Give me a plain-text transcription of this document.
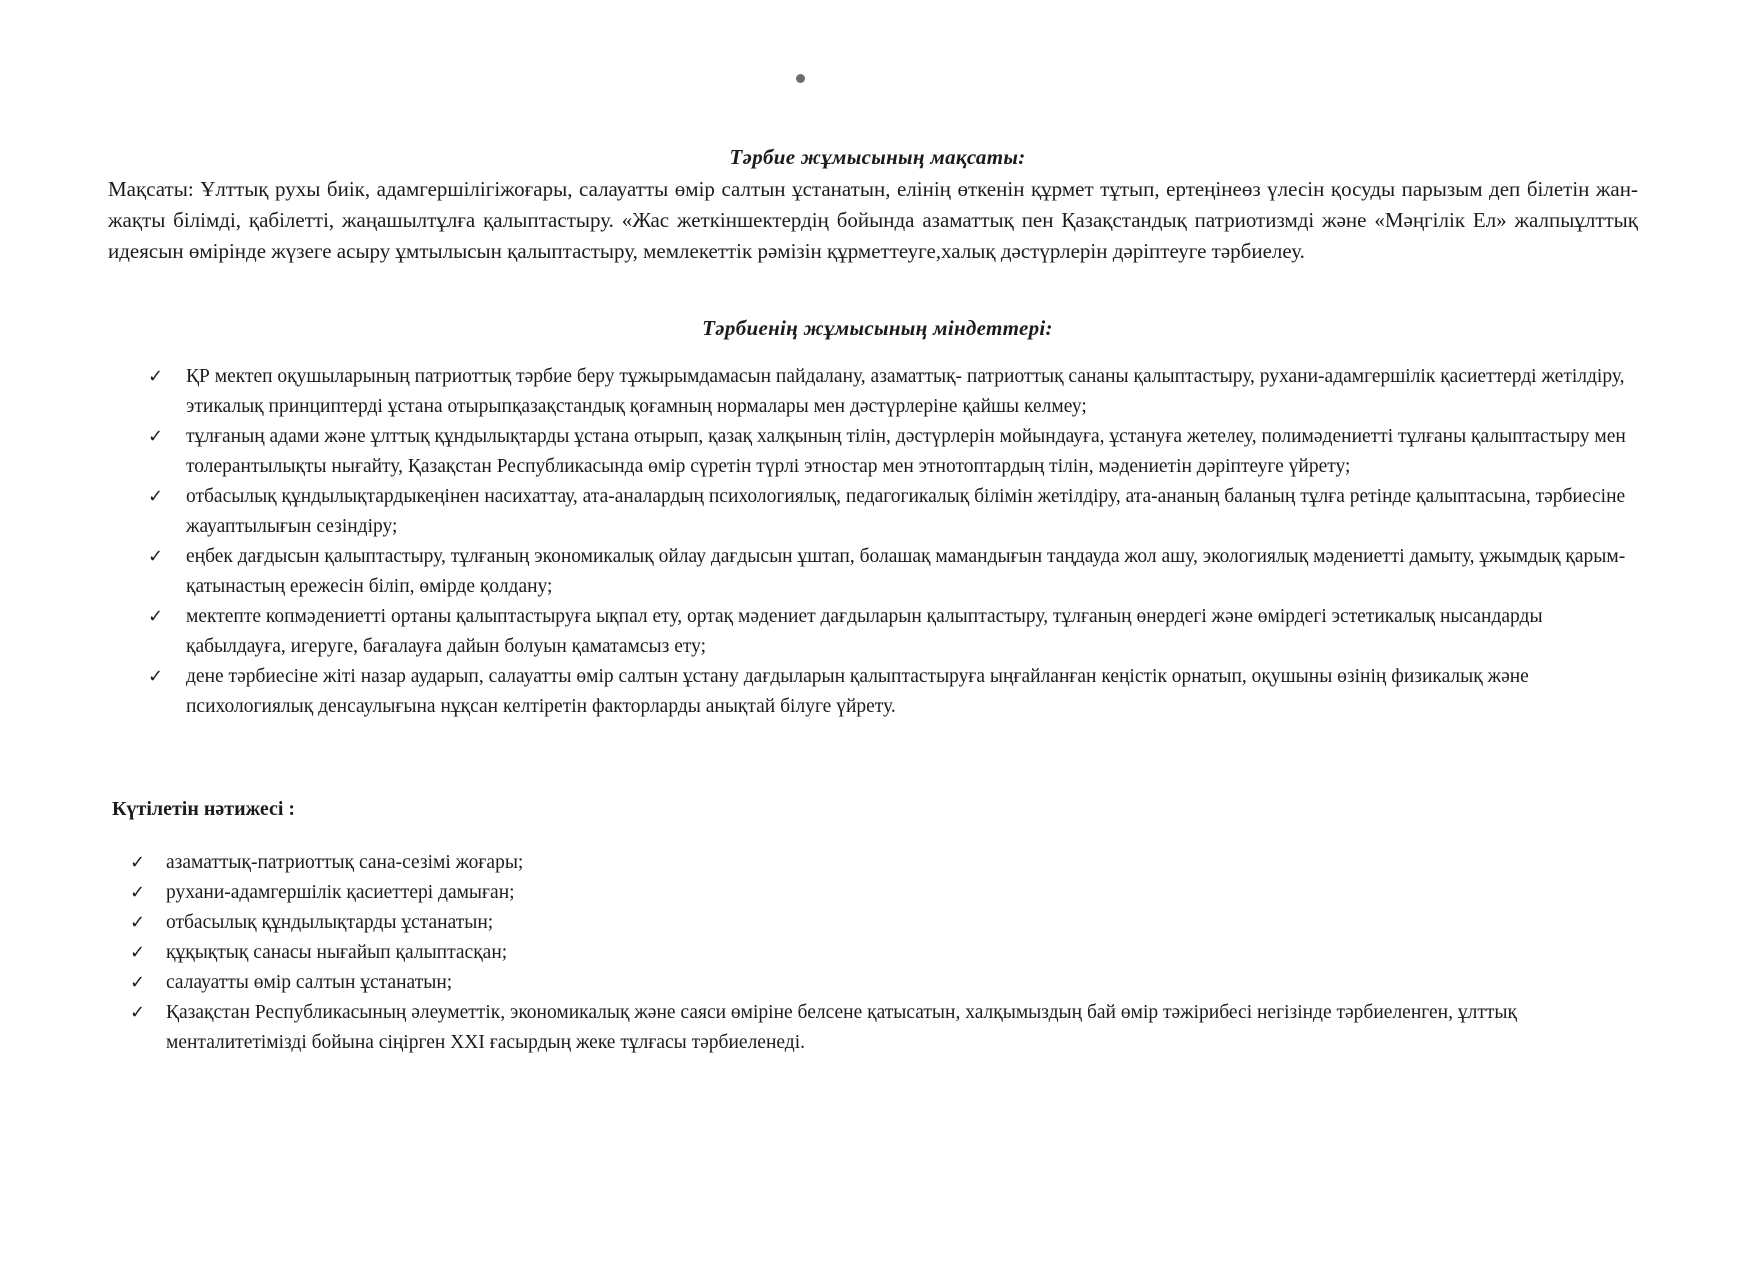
Тәрбие жұмысының мақсаты:

Мақсаты: Ұлттық рухы биік, адамгершілігіжоғары, салауатты өмір салтын ұстанатын, елінің өткенін құрмет тұтып, ертеңінеөз үлесін қосуды парызым деп білетін жан-жақты білімді, қабілетті, жаңашылтұлға қалыптастыру. «Жас жеткіншектердің бойында азаматтық пен Қазақстандық патриотизмді және «Мәңгілік Ел» жалпыұлттық идеясын өмірінде жүзеге асыру ұмтылысын қалыптастыру, мемлекеттік рәмізін құрметтеуге,халық дәстүрлерін дәріптеуге тәрбиелеу.

Тәрбиенің жұмысының міндеттері:
✓ ҚР мектеп оқушыларының патриоттық тәрбие беру тұжырымдамасын пайдалану, азаматтық- патриоттық сананы қалыптастыру, рухани-адамгершілік қасиеттерді жетілдіру, этикалық принциптерді ұстана отырыпқазақстандық қоғамның нормалары мен дәстүрлеріне қайшы келмеу;
✓ тұлғаның адами және ұлттық құндылықтарды ұстана отырып, қазақ халқының тілін, дәстүрлерін мойындауға, ұстануға жетелеу, полимәдениетті тұлғаны қалыптастыру мен толерантылықты нығайту, Қазақстан Республикасында өмір сүретін түрлі этностар мен этнотоптардың тілін, мәдениетін дәріптеуге үйрету;
✓ отбасылық құндылықтардыкеңінен насихаттау, ата-аналардың психологиялық, педагогикалық білімін жетілдіру, ата-ананың баланың тұлға ретінде қалыптасына, тәрбиесіне жауаптылығын сезіндіру;
✓ еңбек дағдысын қалыптастыру, тұлғаның экономикалық ойлау дағдысын ұштап, болашақ мамандығын таңдауда жол ашу, экологиялық мәдениетті дамыту, ұжымдық қарым-қатынастың ережесін біліп, өмірде қолдану;
✓ мектепте копмәдениетті ортаны қалыптастыруға ықпал ету, ортақ мәдениет дағдыларын қалыптастыру, тұлғаның өнердегі және өмірдегі эстетикалық нысандарды қабылдауға, игеруге, бағалауға дайын болуын қаматамсыз ету;
✓ дене тәрбиесіне жіті назар аударып, салауатты өмір салтын ұстану дағдыларын қалыптастыруға ыңғайланған кеңістік орнатып, оқушыны өзінің физикалық және психологиялық денсаулығына нұқсан келтіретін факторларды анықтай білуге үйрету.
Күтілетін нәтижесі :
✓ азаматтық-патриоттық сана-сезімі жоғары;
✓ рухани-адамгершілік қасиеттері дамыған;
✓ отбасылық құндылықтарды ұстанатын;
✓ құқықтық санасы нығайып қалыптасқан;
✓ салауатты өмір салтын ұстанатын;
✓ Қазақстан Республикасының әлеуметтік, экономикалық және саяси өміріне белсене қатысатын, халқымыздың бай өмір тәжірибесі негізінде тәрбиеленген, ұлттық менталитетімізді бойына сіңірген ХХІ ғасырдың жеке тұлғасы тәрбиеленеді.
